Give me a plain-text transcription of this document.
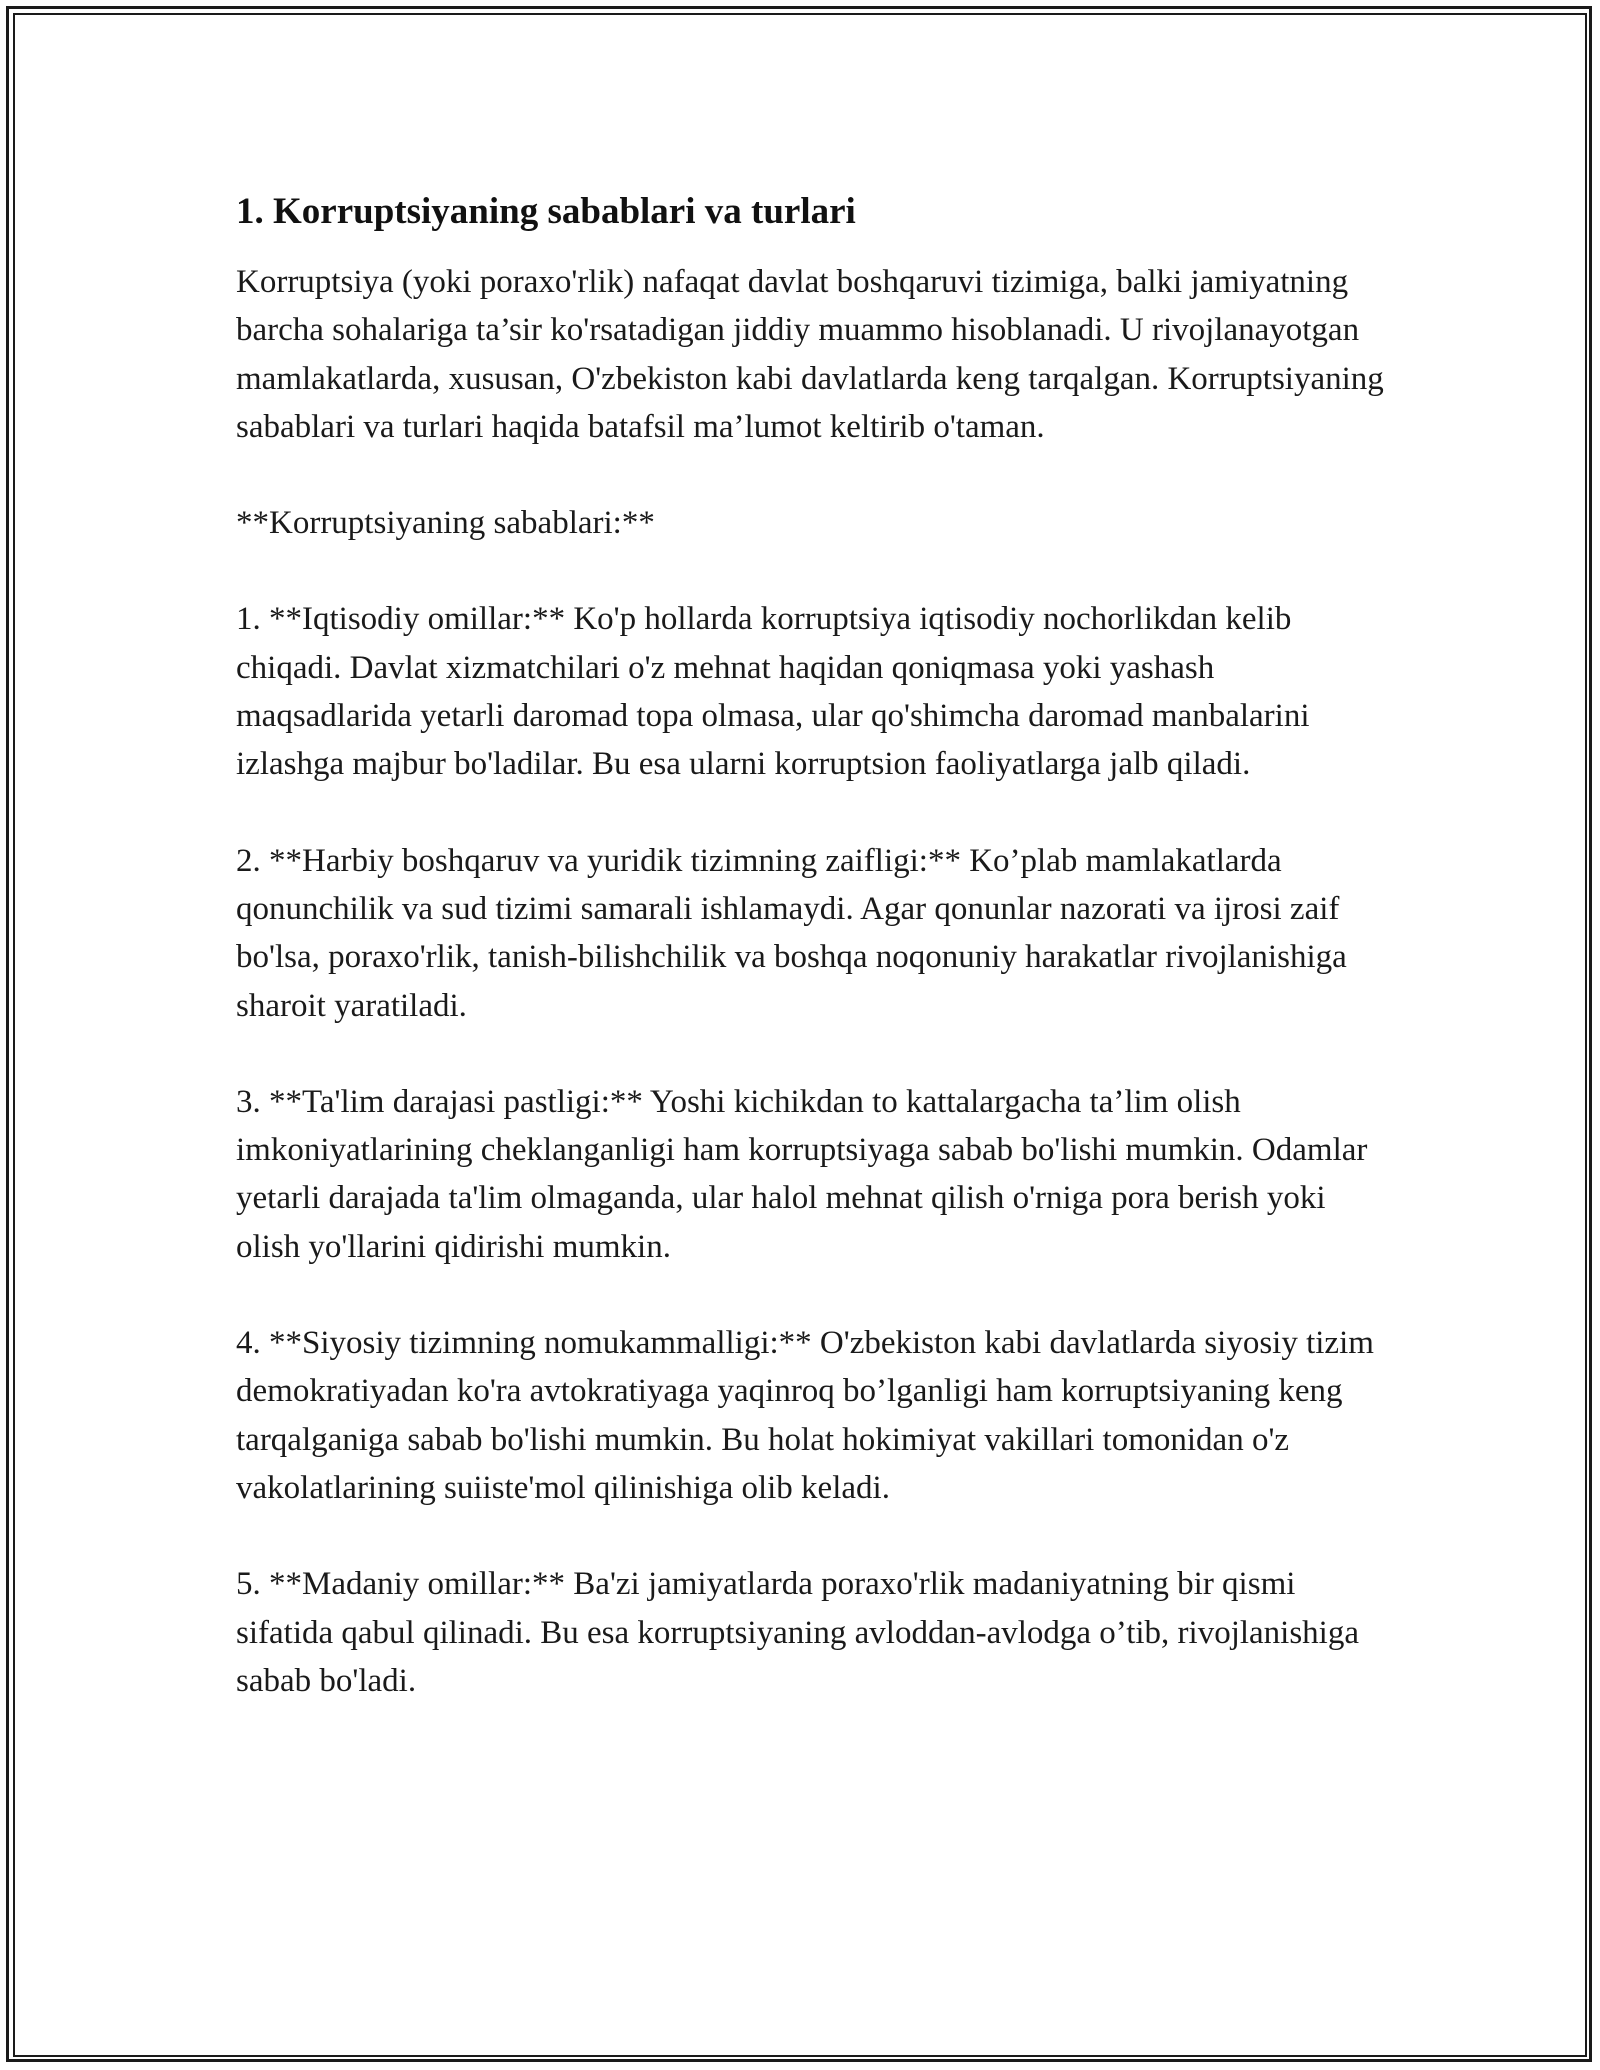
1. Korruptsiyaning sabablari va turlari

Korruptsiya (yoki poraxo'rlik) nafaqat davlat boshqaruvi tizimiga, balki jamiyatning barcha sohalariga ta’sir ko'rsatadigan jiddiy muammo hisoblanadi. U rivojlanayotgan mamlakatlarda, xususan, O'zbekiston kabi davlatlarda keng tarqalgan. Korruptsiyaning sabablari va turlari haqida batafsil ma’lumot keltirib o'taman.

**Korruptsiyaning sabablari:**

1. **Iqtisodiy omillar:** Ko'p hollarda korruptsiya iqtisodiy nochorlikdan kelib chiqadi. Davlat xizmatchilari o'z mehnat haqidan qoniqmasa yoki yashash maqsadlarida yetarli daromad topa olmasa, ular qo'shimcha daromad manbalarini izlashga majbur bo'ladilar. Bu esa ularni korruptsion faoliyatlarga jalb qiladi.

2. **Harbiy boshqaruv va yuridik tizimning zaifligi:** Ko’plab mamlakatlarda qonunchilik va sud tizimi samarali ishlamaydi. Agar qonunlar nazorati va ijrosi zaif bo'lsa, poraxo'rlik, tanish-bilishchilik va boshqa noqonuniy harakatlar rivojlanishiga sharoit yaratiladi.

3. **Ta'lim darajasi pastligi:** Yoshi kichikdan to kattalargacha ta’lim olish imkoniyatlarining cheklanganligi ham korruptsiyaga sabab bo'lishi mumkin. Odamlar yetarli darajada ta'lim olmaganda, ular halol mehnat qilish o'rniga pora berish yoki olish yo'llarini qidirishi mumkin.

4. **Siyosiy tizimning nomukammalligi:** O'zbekiston kabi davlatlarda siyosiy tizim demokratiyadan ko'ra avtokratiyaga yaqinroq bo’lganligi ham korruptsiyaning keng tarqalganiga sabab bo'lishi mumkin. Bu holat hokimiyat vakillari tomonidan o'z vakolatlarining suiiste'mol qilinishiga olib keladi.

5. **Madaniy omillar:** Ba'zi jamiyatlarda poraxo'rlik madaniyatning bir qismi sifatida qabul qilinadi. Bu esa korruptsiyaning avloddan-avlodga o’tib, rivojlanishiga sabab bo'ladi.
